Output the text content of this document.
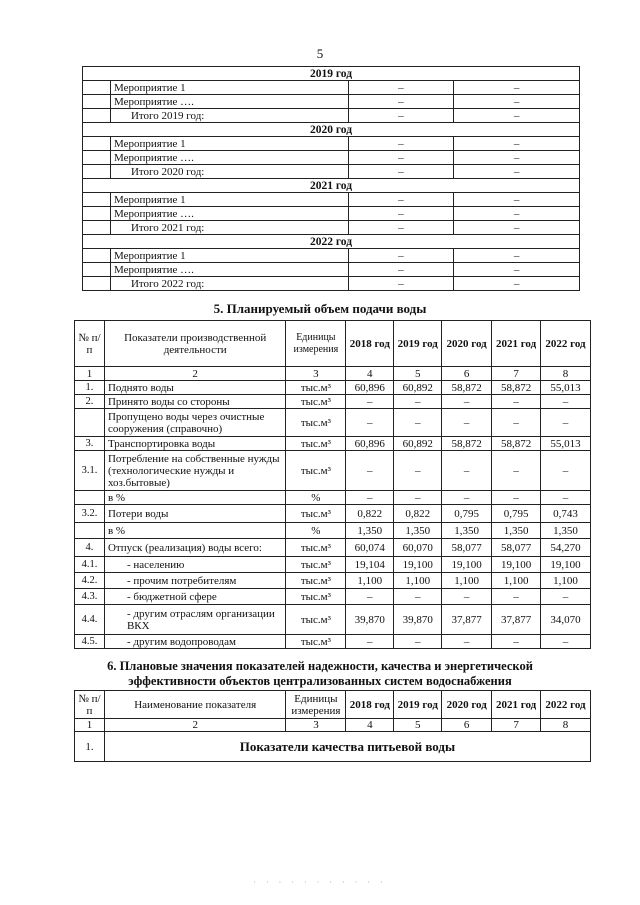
5
2019 год			
	Мероприятие 1	–	–
	Мероприятие ….	–	–
	Итого 2019 год:	–	–
2020 год			
	Мероприятие 1	–	–
	Мероприятие ….	–	–
	Итого 2020 год:	–	–
2021 год			
	Мероприятие 1	–	–
	Мероприятие ….	–	–
	Итого 2021 год:	–	–
2022 год			
	Мероприятие 1	–	–
	Мероприятие ….	–	–
	Итого 2022 год:	–	–
5. Планируемый объем подачи воды
№ п/п	Показатели производственной деятельности	Единицы измерения	2018 год	2019 год	2020 год	2021 год	2022 год
1	2	3	4	5	6	7	8
1.	Поднято воды	тыс.м³	60,896	60,892	58,872	58,872	55,013
2.	Принято воды со стороны	тыс.м³	–	–	–	–	–
	Пропущено воды через очистные сооружения (справочно)	тыс.м³	–	–	–	–	–
3.	Транспортировка воды	тыс.м³	60,896	60,892	58,872	58,872	55,013
3.1.	Потребление на собственные нужды (технологические нужды и хоз.бытовые)	тыс.м³	–	–	–	–	–
	в %	%	–	–	–	–	–
3.2.	Потери воды	тыс.м³	0,822	0,822	0,795	0,795	0,743
	в %	%	1,350	1,350	1,350	1,350	1,350
4.	Отпуск (реализация) воды всего:	тыс.м³	60,074	60,070	58,077	58,077	54,270
4.1.	- населению	тыс.м³	19,104	19,100	19,100	19,100	19,100
4.2.	- прочим потребителям	тыс.м³	1,100	1,100	1,100	1,100	1,100
4.3.	- бюджетной сфере	тыс.м³	–	–	–	–	–
4.4.	- другим отраслям организации ВКХ	тыс.м³	39,870	39,870	37,877	37,877	34,070
4.5.	- другим водопроводам	тыс.м³	–	–	–	–	–
6. Плановые значения показателей надежности, качества и энергетической
эффективности объектов централизованных систем водоснабжения
№ п/п	Наименование показателя	Единицы измерения	2018 год	2019 год	2020 год	2021 год	2022 год
1	2	3	4	5	6	7	8
1.	Показатели качества питьевой воды						
· · · · · · · · · · ·
